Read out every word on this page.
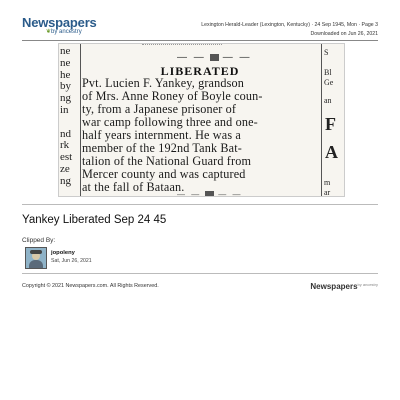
Newspapers
❦by ancestry
Lexington Herald-Leader (Lexington, Kentucky) · 24 Sep 1945, Mon · Page 3
Downloaded on Jun 26, 2021
ne
ne
he
by
ng
in

nd
rk
est
ze
ng
— — — —
LIBERATED
Pvt. Lucien F. Yankey, grandson
of Mrs. Anne Roney of Boyle coun-
ty, from a Japanese prisoner of
war camp following three and one-
half years internment. He was a
member of the 192nd Tank Bat-
talion of the National Guard from
Mercer county and was captured
at the fall of Bataan.
— — — —
S
Bl
Ge
an
F
A
m
ar
Yankey Liberated Sep 24 45
Clipped By:
jopoleny
Sat, Jun 26, 2021
Copyright © 2021 Newspapers.com. All Rights Reserved.	Newspapers$^{by ancestry}$
